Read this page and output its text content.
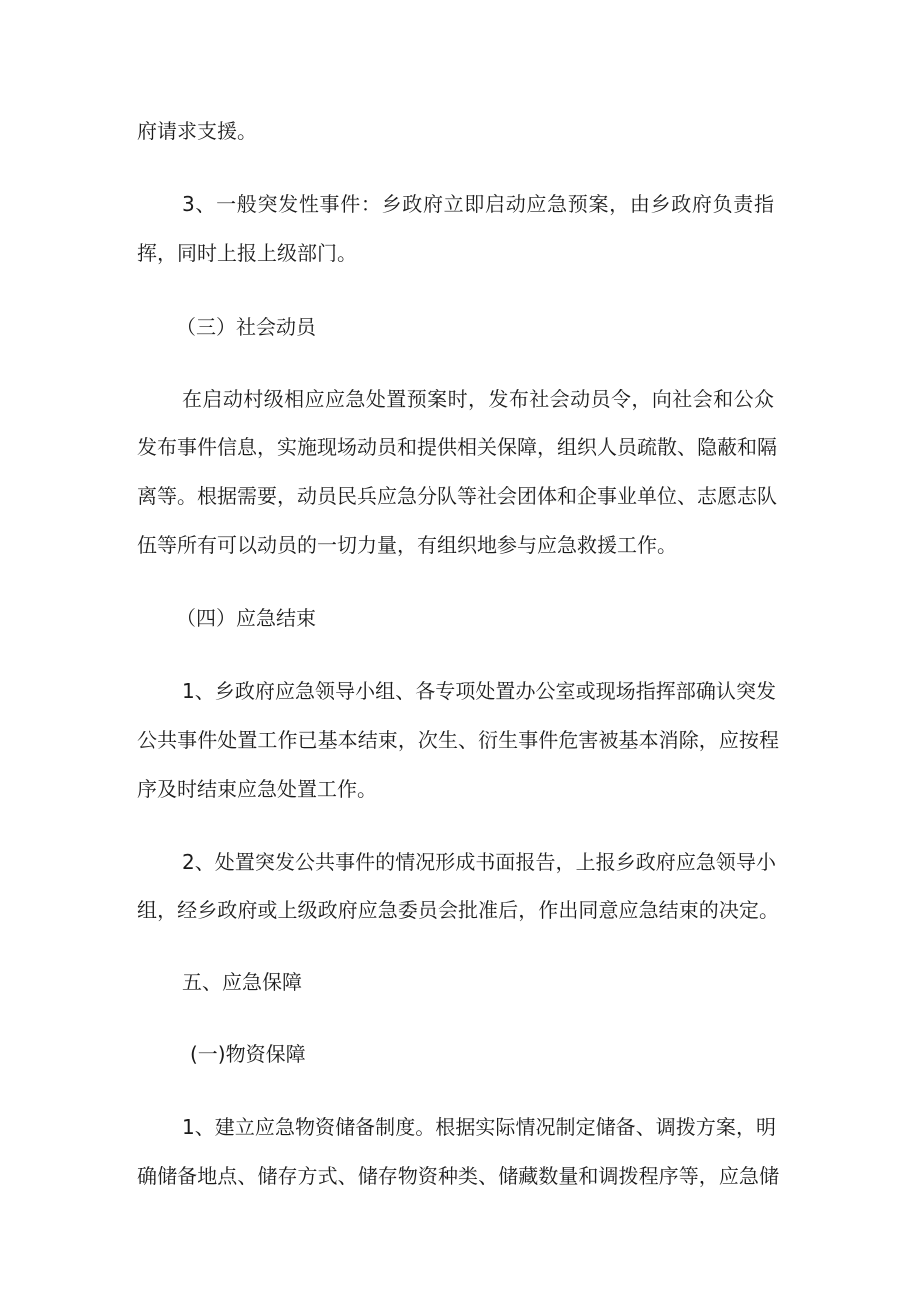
府请求支援。

3、一般突发性事件：乡政府立即启动应急预案，由乡政府负责指

挥，同时上报上级部门。

（三）社会动员

在启动村级相应应急处置预案时，发布社会动员令，向社会和公众

发布事件信息，实施现场动员和提供相关保障，组织人员疏散、隐蔽和隔

离等。根据需要，动员民兵应急分队等社会团体和企事业单位、志愿志队

伍等所有可以动员的一切力量，有组织地参与应急救援工作。

（四）应急结束

1、乡政府应急领导小组、各专项处置办公室或现场指挥部确认突发

公共事件处置工作已基本结束，次生、衍生事件危害被基本消除，应按程

序及时结束应急处置工作。

2、处置突发公共事件的情况形成书面报告，上报乡政府应急领导小

组，经乡政府或上级政府应急委员会批准后，作出同意应急结束的决定。

五、应急保障

(一)物资保障

1、建立应急物资储备制度。根据实际情况制定储备、调拨方案，明

确储备地点、储存方式、储存物资种类、储藏数量和调拨程序等，应急储
